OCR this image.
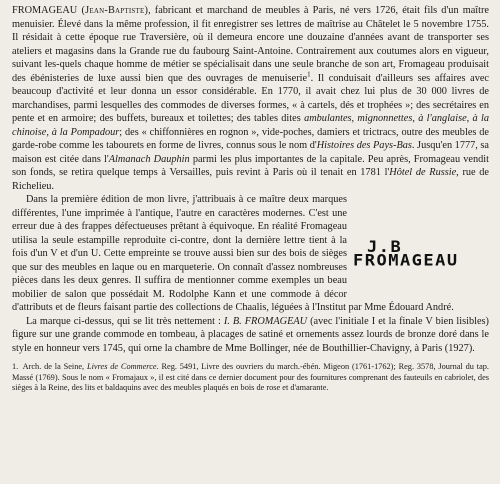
FROMAGEAU (Jean-Baptiste), fabricant et marchand de meubles à Paris, né vers 1726, était fils d'un maître menuisier. Élevé dans la même profession, il fit enregistrer ses lettres de maîtrise au Châtelet le 5 novembre 1755. Il résidait à cette époque rue Traversière, où il demeura encore une douzaine d'années avant de transporter ses ateliers et magasins dans la Grande rue du faubourg Saint-Antoine. Contrairement aux coutumes alors en vigueur, suivant les-quels chaque homme de métier se spécialisait dans une seule branche de son art, Fromageau produisait des ébénisteries de luxe aussi bien que des ouvrages de menuiserie$^1$. Il conduisait d'ailleurs ses affaires avec beaucoup d'activité et leur donna un essor considérable. En 1770, il avait chez lui plus de 30 000 livres de marchandises, parmi lesquelles des commodes de diverses formes, « à cartels, dés et trophées »; des secrétaires en pente et en armoire; des buffets, bureaux et toilettes; des tables dites ambulantes, mignonnettes, à l'anglaise, à la chinoise, à la Pompadour; des « chiffonnières en rognon », vide-poches, damiers et trictracs, outre des meubles de garde-robe comme les tabourets en forme de livres, connus sous le nom d'Histoires des Pays-Bas. Jusqu'en 1777, sa maison est citée dans l'Almanach Dauphin parmi les plus importantes de la capitale. Peu après, Fromageau vendit son fonds, se retira quelque temps à Versailles, puis revint à Paris où il tenait en 1781 l'Hôtel de Russie, rue de Richelieu.

J.B FROMAGEAU
Dans la première édition de mon livre, j'attribuais à ce maître deux marques différentes, l'une imprimée à l'antique, l'autre en caractères modernes. C'est une erreur due à des frappes défectueuses prêtant à équivoque. En réalité Fromageau utilisa la seule estampille reproduite ci-contre, dont la dernière lettre tient à la fois d'un V et d'un U. Cette empreinte se trouve aussi bien sur des bois de sièges que sur des meubles en laque ou en marqueterie. On connaît d'assez nombreuses pièces dans les deux genres. Il suffira de mentionner comme exemples un beau mobilier de salon que possédait M. Rodolphe Kann et une commode à décor d'attributs et de fleurs faisant partie des collections de Chaalis, léguées à l'Institut par Mme Édouard André.

La marque ci-dessus, qui se lit très nettement : I. B. FROMAGEAU (avec l'initiale I et la finale V bien lisibles) figure sur une grande commode en tombeau, à placages de satiné et ornements assez lourds de bronze doré dans le style en honneur vers 1745, qui orne la chambre de Mme Bollinger, née de Bouthillier-Chavigny, à Paris (1927).

1. Arch. de la Seine, Livres de Commerce. Reg. 5491, Livre des ouvriers du march.-ébén. Migeon (1761-1762); Reg. 3578, Journal du tap. Massé (1769). Sous le nom « Fromajaux », il est cité dans ce dernier document pour des fournitures comprenant des fauteuils en cabriolet, des sièges à la Reine, des lits et baldaquins avec des meubles plaqués en bois de rose et d'amarante.
